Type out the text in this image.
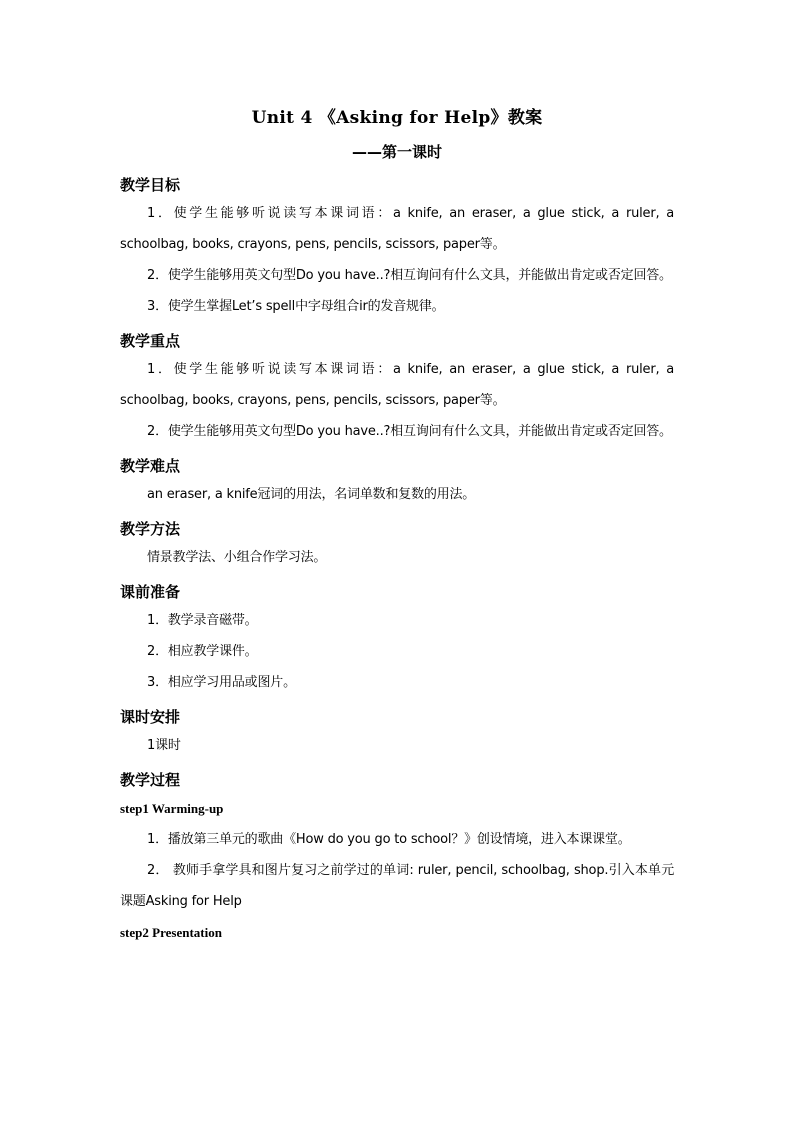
Unit 4 《Asking for Help》教案
——第一课时
教学目标

1．使学生能够听说读写本课词语：a knife, an eraser, a glue stick, a ruler, a schoolbag, books, crayons, pens, pencils, scissors, paper等。

2．使学生能够用英文句型Do you have..?相互询问有什么文具，并能做出肯定或否定回答。

3．使学生掌握Let’s spell中字母组合ir的发音规律。

教学重点

1．使学生能够听说读写本课词语：a knife, an eraser, a glue stick, a ruler, a schoolbag, books, crayons, pens, pencils, scissors, paper等。

2．使学生能够用英文句型Do you have..?相互询问有什么文具，并能做出肯定或否定回答。

教学难点

an eraser, a knife冠词的用法，名词单数和复数的用法。

教学方法

情景教学法、小组合作学习法。

课前准备

1．教学录音磁带。

2．相应教学课件。

3．相应学习用品或图片。

课时安排

1课时

教学过程

step1 Warming-up

1．播放第三单元的歌曲《How do you go to school？》创设情境，进入本课课堂。

2． 教师手拿学具和图片复习之前学过的单词: ruler, pencil, schoolbag, shop.引入本单元课题Asking for Help

step2 Presentation
